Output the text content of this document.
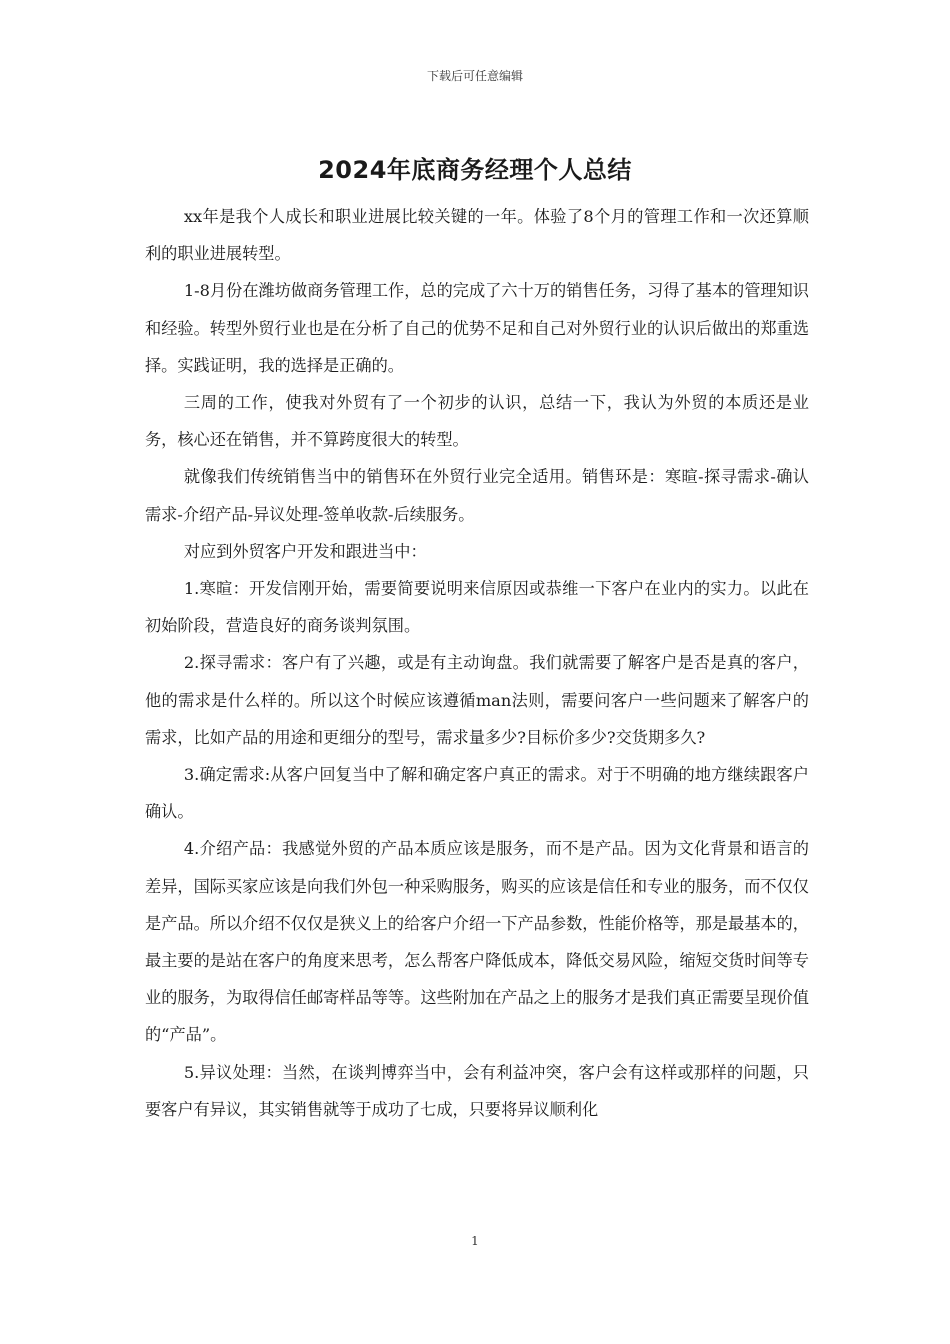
下载后可任意编辑
2024年底商务经理个人总结

xx年是我个人成长和职业进展比较关键的一年。体验了8个月的管理工作和一次还算顺利的职业进展转型。

1-8月份在潍坊做商务管理工作，总的完成了六十万的销售任务，习得了基本的管理知识和经验。转型外贸行业也是在分析了自己的优势不足和自己对外贸行业的认识后做出的郑重选择。实践证明，我的选择是正确的。

三周的工作，使我对外贸有了一个初步的认识，总结一下，我认为外贸的本质还是业务，核心还在销售，并不算跨度很大的转型。

就像我们传统销售当中的销售环在外贸行业完全适用。销售环是：寒暄-探寻需求-确认需求-介绍产品-异议处理-签单收款-后续服务。

对应到外贸客户开发和跟进当中：

1.寒暄：开发信刚开始，需要简要说明来信原因或恭维一下客户在业内的实力。以此在初始阶段，营造良好的商务谈判氛围。

2.探寻需求：客户有了兴趣，或是有主动询盘。我们就需要了解客户是否是真的客户，他的需求是什么样的。所以这个时候应该遵循man法则，需要问客户一些问题来了解客户的需求，比如产品的用途和更细分的型号，需求量多少?目标价多少?交货期多久?

3.确定需求:从客户回复当中了解和确定客户真正的需求。对于不明确的地方继续跟客户确认。

4.介绍产品：我感觉外贸的产品本质应该是服务，而不是产品。因为文化背景和语言的差异，国际买家应该是向我们外包一种采购服务，购买的应该是信任和专业的服务，而不仅仅是产品。所以介绍不仅仅是狭义上的给客户介绍一下产品参数，性能价格等，那是最基本的，最主要的是站在客户的角度来思考，怎么帮客户降低成本，降低交易风险，缩短交货时间等专业的服务，为取得信任邮寄样品等等。这些附加在产品之上的服务才是我们真正需要呈现价值的“产品”。

5.异议处理：当然，在谈判博弈当中，会有利益冲突，客户会有这样或那样的问题，只要客户有异议，其实销售就等于成功了七成，只要将异议顺利化

1
